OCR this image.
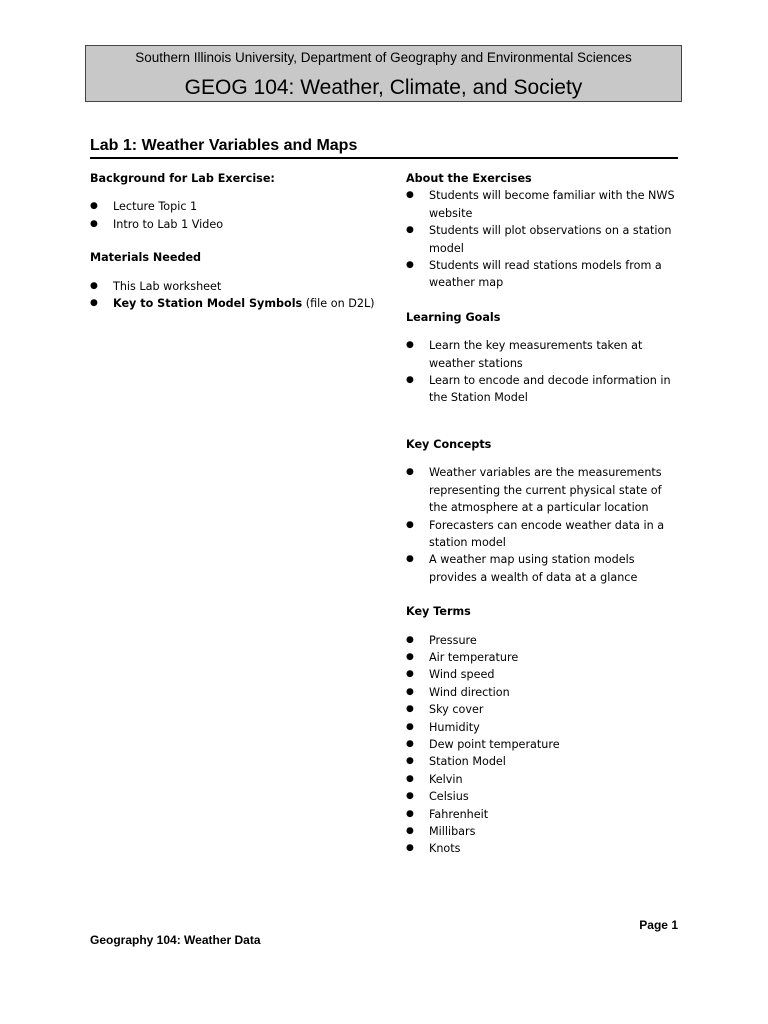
Southern Illinois University, Department of Geography and Environmental Sciences
GEOG 104: Weather, Climate, and Society
Lab 1: Weather Variables and Maps

Background for Lab Exercise:

● Lecture Topic 1
● Intro to Lab 1 Video

Materials Needed

● This Lab worksheet
● Key to Station Model Symbols (file on D2L)

About the Exercises

● Students will become familiar with the NWS website
● Students will plot observations on a station model
● Students will read stations models from a weather map

Learning Goals

● Learn the key measurements taken at weather stations
● Learn to encode and decode information in the Station Model

Key Concepts

● Weather variables are the measurements representing the current physical state of the atmosphere at a particular location
● Forecasters can encode weather data in a station model
● A weather map using station models provides a wealth of data at a glance

Key Terms

● Pressure
● Air temperature
● Wind speed
● Wind direction
● Sky cover
● Humidity
● Dew point temperature
● Station Model
● Kelvin
● Celsius
● Fahrenheit
● Millibars
● Knots
Page 1
Geography 104: Weather Data
